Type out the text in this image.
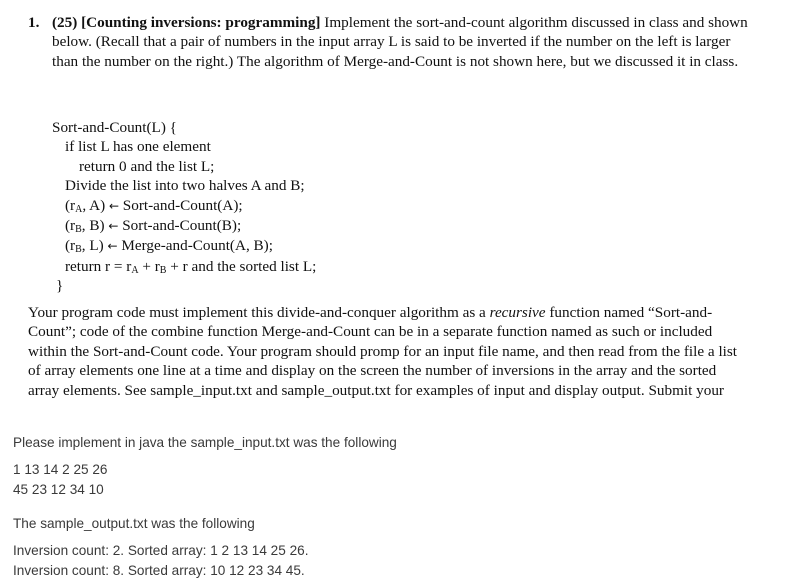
1. (25) [Counting inversions: programming] Implement the sort-and-count algorithm discussed in class and shown below. (Recall that a pair of numbers in the input array L is said to be inverted if the number on the left is larger than the number on the right.) The algorithm of Merge-and-Count is not shown here, but we discussed it in class.

Sort-and-Count(L) {
if list L has one element
return 0 and the list L;
Divide the list into two halves A and B;
($r_A$, A) ← Sort-and-Count(A);
($r_B$, B) ← Sort-and-Count(B);
($r_B$, L) ← Merge-and-Count(A, B);
return $r = r_A + r_B + r$ and the sorted list L;
}

Your program code must implement this divide-and-conquer algorithm as a recursive function named “Sort-and-Count”; code of the combine function Merge-and-Count can be in a separate function named as such or included within the Sort-and-Count code. Your program should promp for an input file name, and then read from the file a list of array elements one line at a time and display on the screen the number of inversions in the array and the sorted array elements. See sample_input.txt and sample_output.txt for examples of input and display output. Submit your

Please implement in java the sample_input.txt was the following
1 13 14 2 25 26
45 23 12 34 10
The sample_output.txt was the following
Inversion count: 2. Sorted array: 1 2 13 14 25 26.
Inversion count: 8. Sorted array: 10 12 23 34 45.
